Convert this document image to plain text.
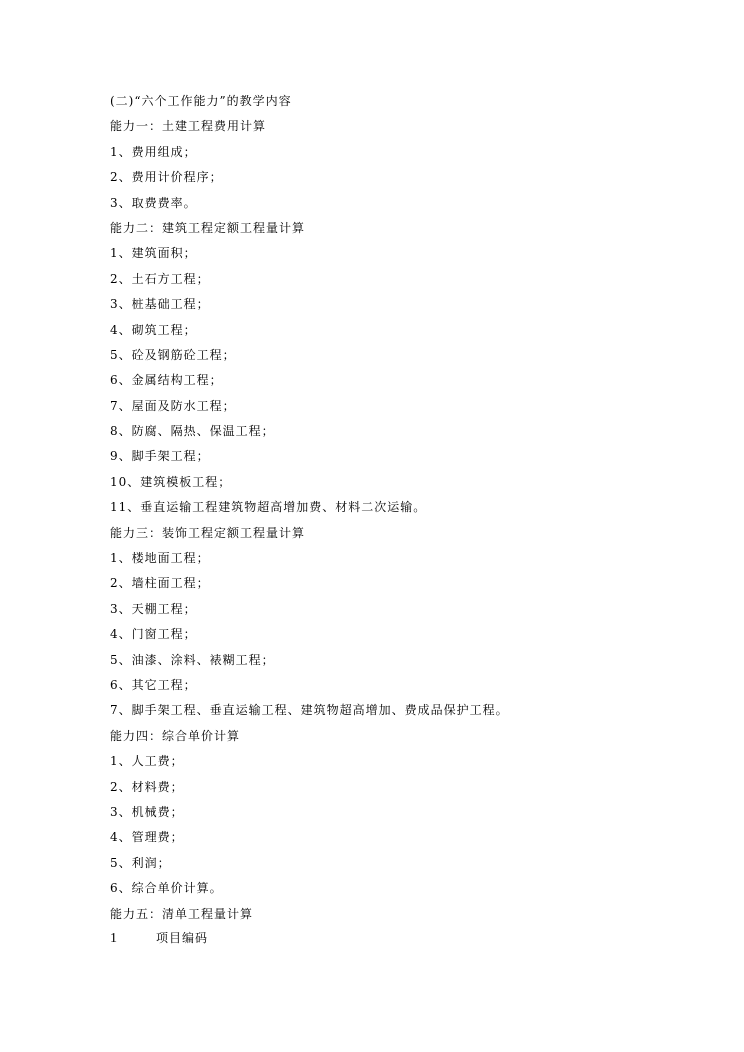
(二)“六个工作能力”的教学内容
能力一：土建工程费用计算
1、费用组成；
2、费用计价程序；
3、取费费率。
能力二：建筑工程定额工程量计算
1、建筑面积；
2、土石方工程；
3、桩基础工程；
4、砌筑工程；
5、砼及钢筋砼工程；
6、金属结构工程；
7、屋面及防水工程；
8、防腐、隔热、保温工程；
9、脚手架工程；
10、建筑模板工程；
11、垂直运输工程建筑物超高增加费、材料二次运输。
能力三：装饰工程定额工程量计算
1、楼地面工程；
2、墙柱面工程；
3、天棚工程；
4、门窗工程；
5、油漆、涂料、裱糊工程；
6、其它工程；
7、脚手架工程、垂直运输工程、建筑物超高增加、费成品保护工程。
能力四：综合单价计算
1、人工费；
2、材料费；
3、机械费；
4、管理费；
5、利润；
6、综合单价计算。
能力五：清单工程量计算
1	项目编码
